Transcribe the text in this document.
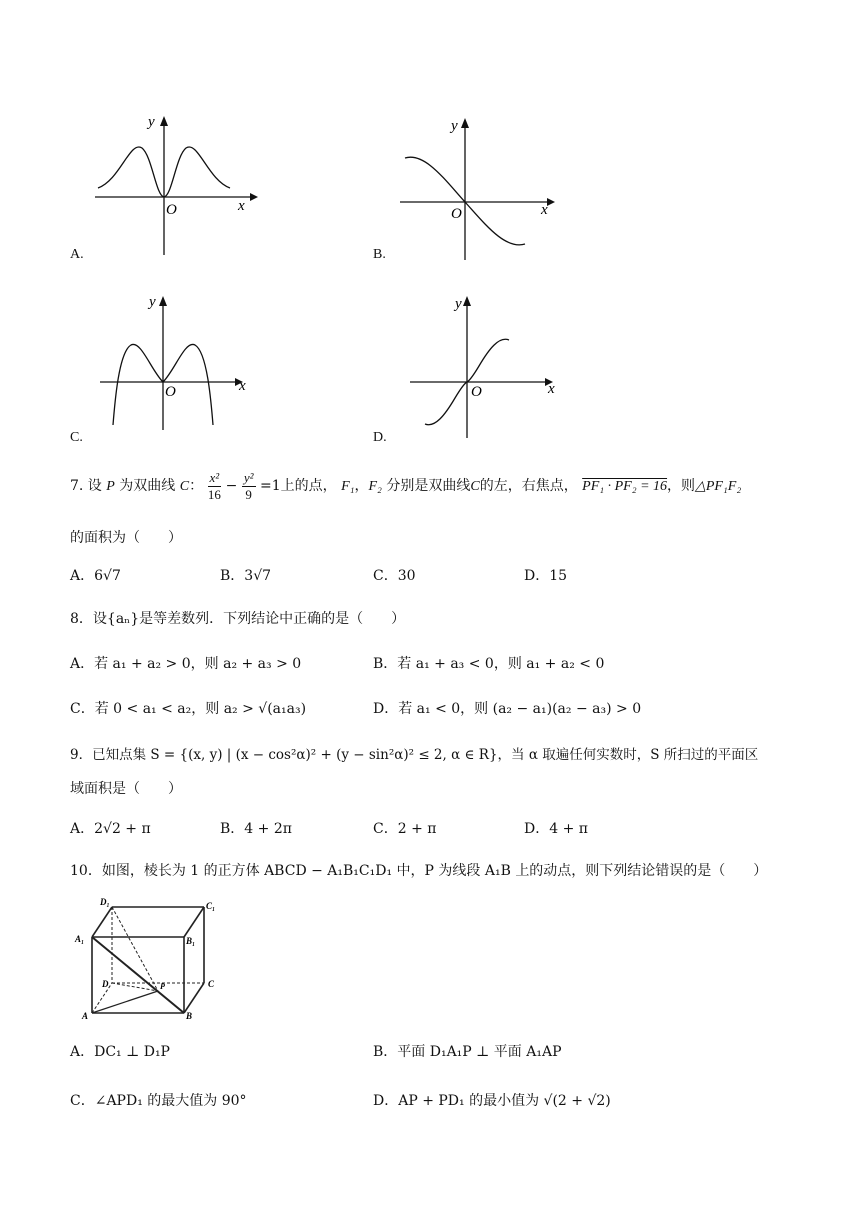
y
x
O
A.
y
x
O
B.
y
x
O
C.
y
x
O
D.
7. 设 P 为双曲线 C： $\frac{\text{x²}}{16} - \frac{\text{y²}}{9} =1$上的点， F₁，F₂ 分别是双曲线C的左，右焦点， PF₁ · PF₂ = 16，则△PF₁F₂
的面积为（　　）
A．6√7	B．3√7	C．30	D．15
8．设{aₙ}是等差数列．下列结论中正确的是（　　）
A．若 a₁ + a₂ > 0，则 a₂ + a₃ > 0	B．若 a₁ + a₃ < 0，则 a₁ + a₂ < 0
C．若 0 < a₁ < a₂，则 a₂ > √(a₁a₃)	D．若 a₁ < 0，则 (a₂ − a₁)(a₂ − a₃) > 0
9．已知点集 S = {(x, y) | (x − cos²α)² + (y − sin²α)² ≤ 2, α ∈ R}，当 α 取遍任何实数时，S 所扫过的平面区
域面积是（　　）
A．2√2 + π	B．4 + 2π	C．2 + π	D．4 + π
10．如图，棱长为 1 的正方体 ABCD − A₁B₁C₁D₁ 中，P 为线段 A₁B 上的动点，则下列结论错误的是（　　）
D₁	C₁
A₁	B₁
D	C
A	B
P
A．DC₁ ⊥ D₁P	B．平面 D₁A₁P ⊥ 平面 A₁AP
C．∠APD₁ 的最大值为 90°	D．AP + PD₁ 的最小值为 √(2 + √2)
